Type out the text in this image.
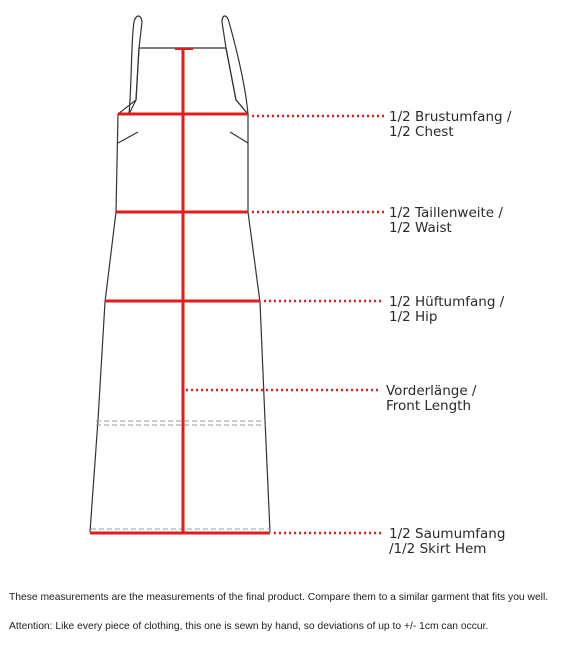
1/2 Brustumfang /
1/2 Chest
1/2 Taillenweite /
1/2 Waist
1/2 Hüftumfang /
1/2 Hip
Vorderlänge /
Front Length
1/2 Saumumfang
/1/2 Skirt Hem
These measurements are the measurements of the final product. Compare them to a similar garment that fits you well.
Attention: Like every piece of clothing, this one is sewn by hand, so deviations of up to +/- 1cm can occur.
